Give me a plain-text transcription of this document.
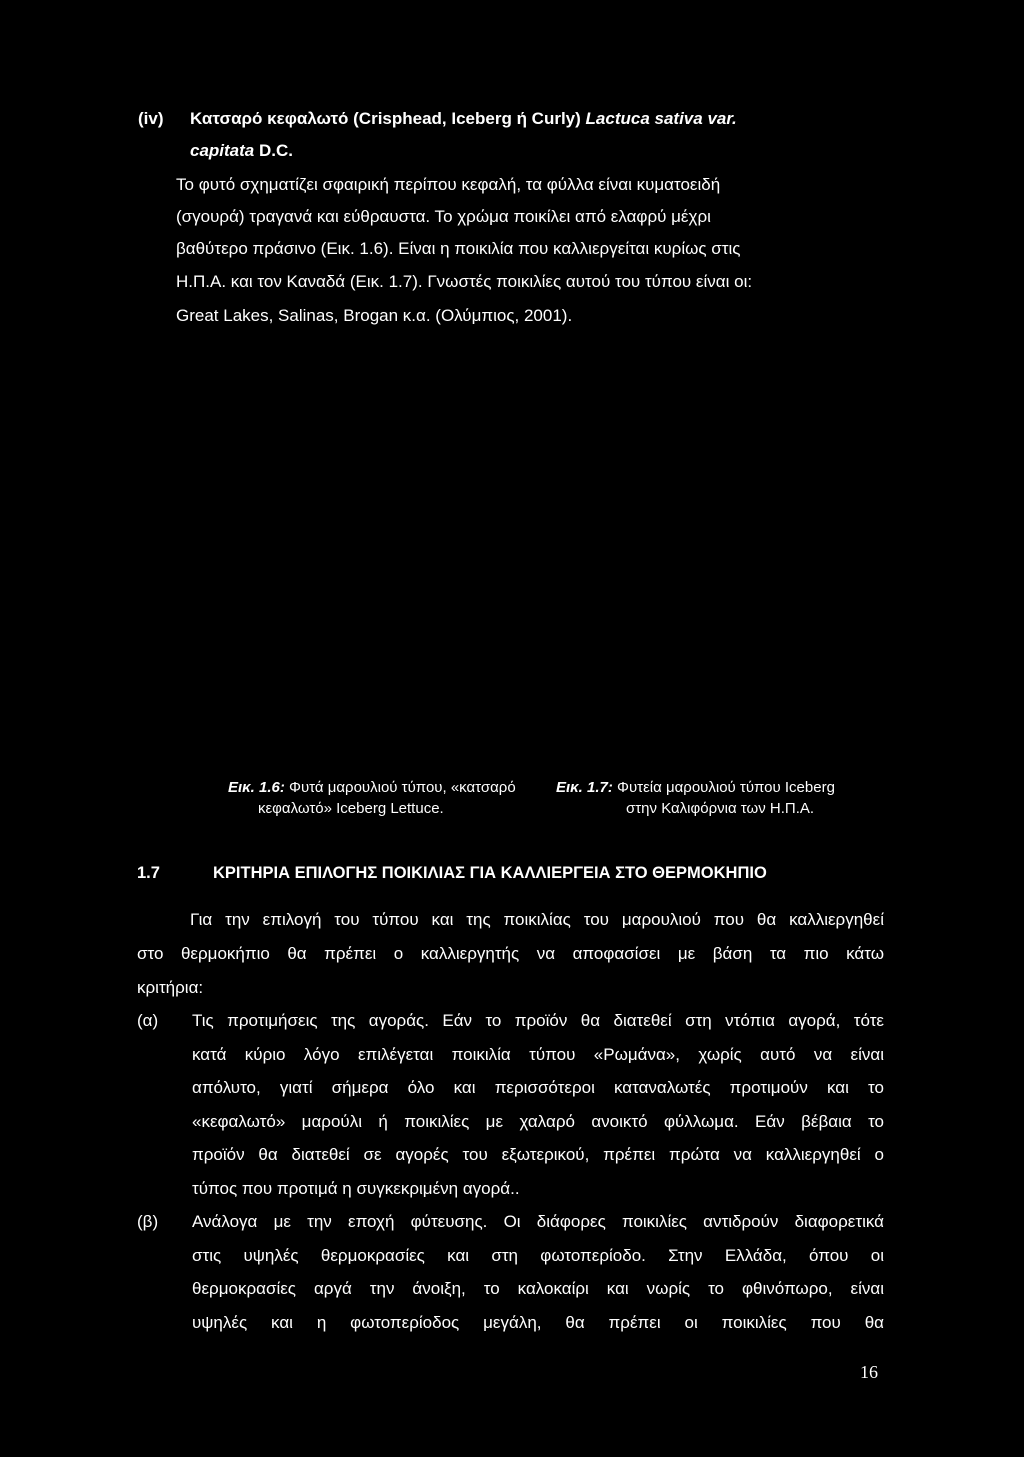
(iv) Κατσαρό κεφαλωτό (Crisphead, Iceberg ή Curly) Lactuca sativa var.
capitata D.C.
Το φυτό σχηματίζει σφαιρική περίπου κεφαλή, τα φύλλα είναι κυματοειδή
(σγουρά) τραγανά και εύθραυστα. Το χρώμα ποικίλει από ελαφρύ μέχρι
βαθύτερο πράσινο (Εικ. 1.6). Είναι η ποικιλία που καλλιεργείται κυρίως στις
Η.Π.Α. και τον Καναδά (Εικ. 1.7). Γνωστές ποικιλίες αυτού του τύπου είναι οι:
Great Lakes, Salinas, Brogan κ.α. (Ολύμπιος, 2001).
Εικ. 1.6: Φυτά μαρουλιού τύπου, «κατσαρό
κεφαλωτό» Iceberg Lettuce.
Εικ. 1.7: Φυτεία μαρουλιού τύπου Iceberg
στην Καλιφόρνια των Η.Π.Α.
1.7	ΚΡΙΤΗΡΙΑ ΕΠΙΛΟΓΗΣ ΠΟΙΚΙΛΙΑΣ ΓΙΑ ΚΑΛΛΙΕΡΓΕΙΑ ΣΤΟ ΘΕΡΜΟΚΗΠΙΟ
Για την επιλογή του τύπου και της ποικιλίας του μαρουλιού που θα καλλιεργηθεί
στο θερμοκήπιο θα πρέπει ο καλλιεργητής να αποφασίσει με βάση τα πιο κάτω
κριτήρια:
(α) Τις προτιμήσεις της αγοράς. Εάν το προϊόν θα διατεθεί στη ντόπια αγορά, τότε
κατά κύριο λόγο επιλέγεται ποικιλία τύπου «Ρωμάνα», χωρίς αυτό να είναι
απόλυτο, γιατί σήμερα όλο και περισσότεροι καταναλωτές προτιμούν και το
«κεφαλωτό» μαρούλι ή ποικιλίες με χαλαρό ανοικτό φύλλωμα. Εάν βέβαια το
προϊόν θα διατεθεί σε αγορές του εξωτερικού, πρέπει πρώτα να καλλιεργηθεί ο
τύπος που προτιμά η συγκεκριμένη αγορά..
(β) Ανάλογα με την εποχή φύτευσης. Οι διάφορες ποικιλίες αντιδρούν διαφορετικά
στις υψηλές θερμοκρασίες και στη φωτοπερίοδο. Στην Ελλάδα, όπου οι
θερμοκρασίες αργά την άνοιξη, το καλοκαίρι και νωρίς το φθινόπωρο, είναι
υψηλές και η φωτοπερίοδος μεγάλη, θα πρέπει οι ποικιλίες που θα
16
